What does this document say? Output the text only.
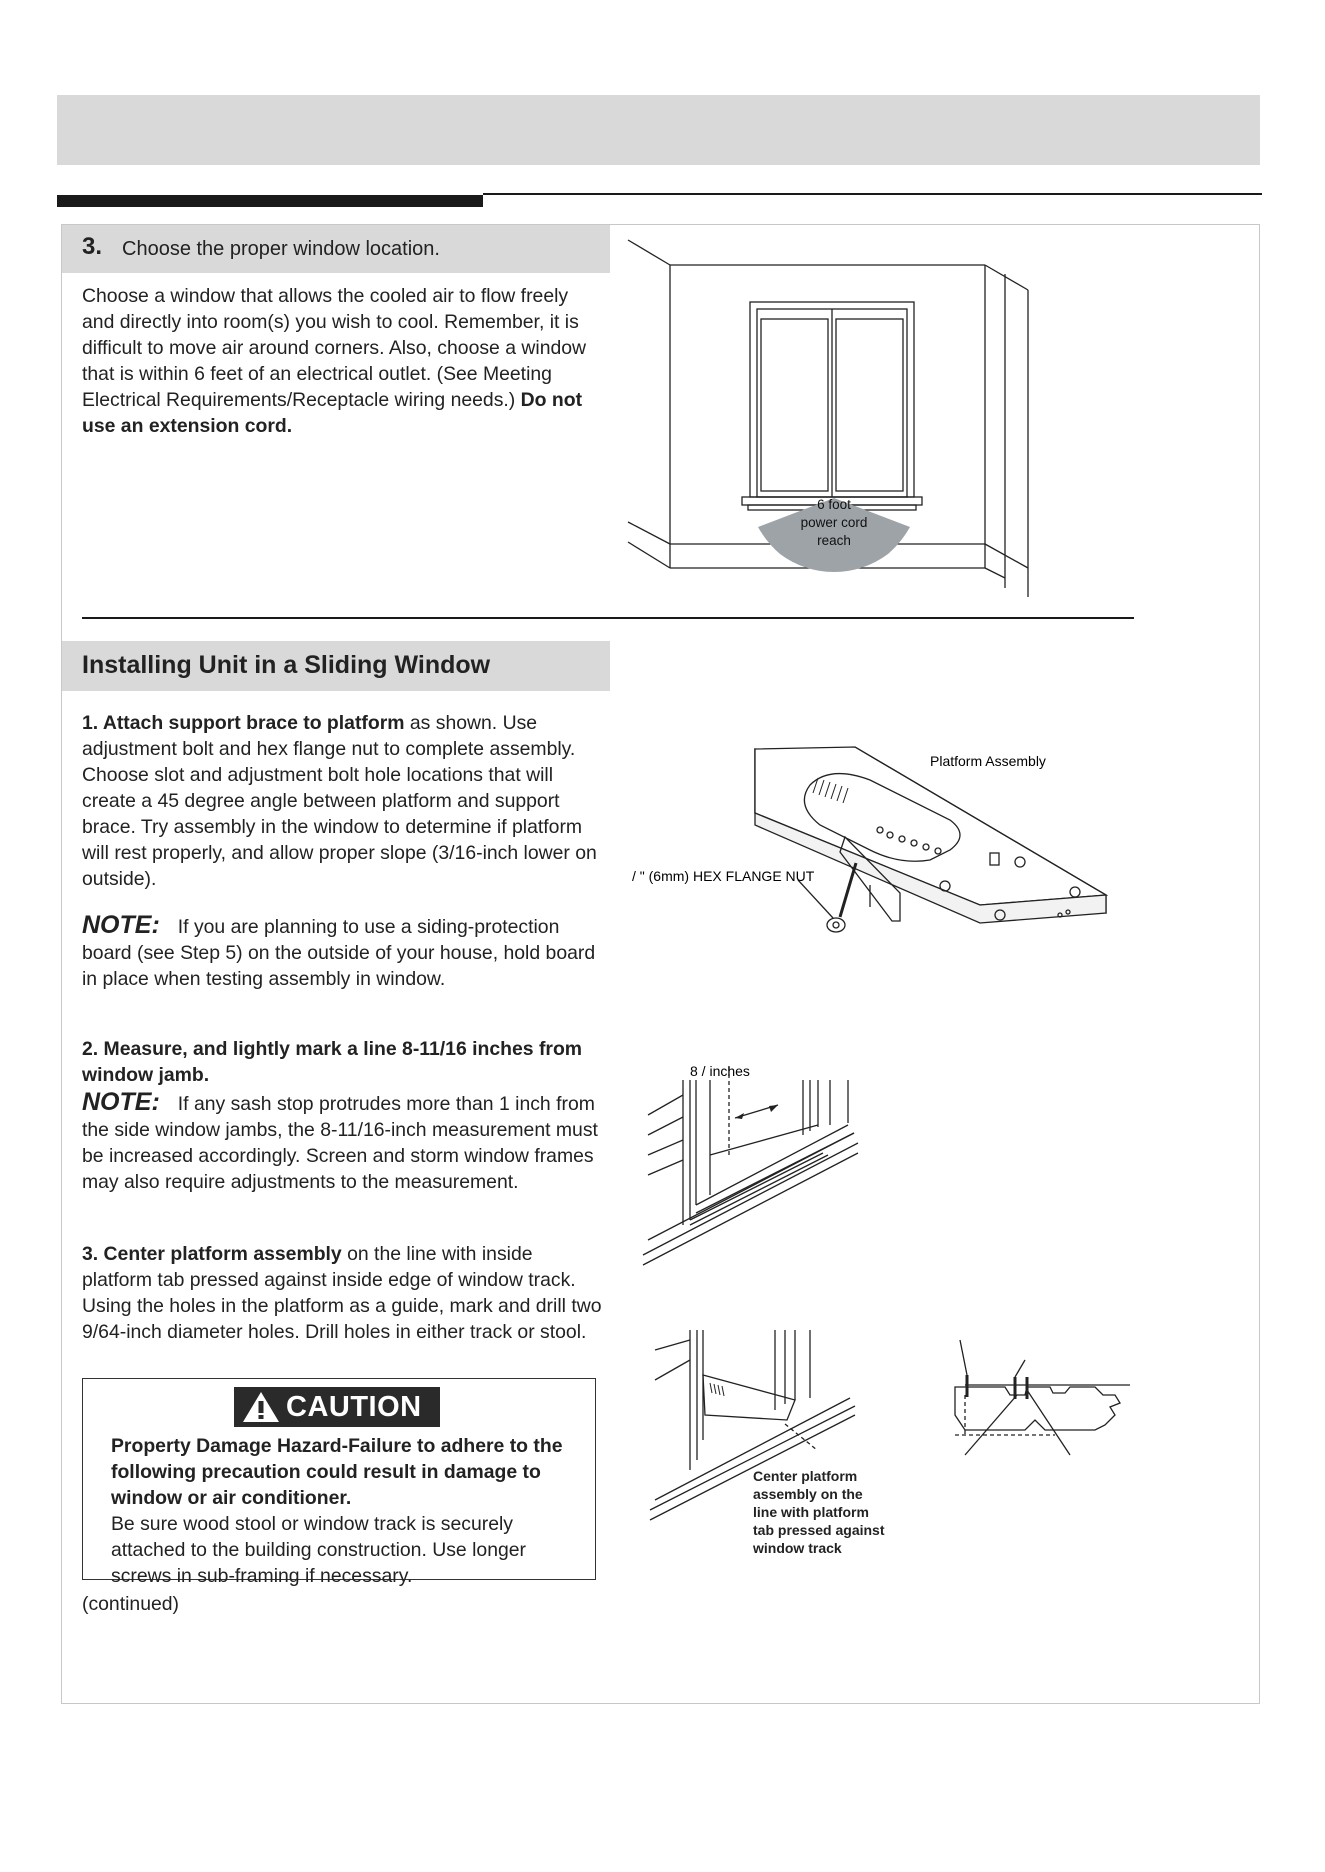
3. Choose the proper window location.
Choose a window that allows the cooled air to flow freely and directly into room(s) you wish to cool. Remember, it is difficult to move air around corners. Also, choose a window that is within 6 feet of an electrical outlet. (See Meeting Electrical Requirements/Receptacle wiring needs.) Do not use an extension cord.
6 foot
power cord
reach
Installing Unit in a Sliding Window
1. Attach support brace to platform as shown. Use adjustment bolt and hex flange nut to complete assembly. Choose slot and adjustment bolt hole locations that will create a 45 degree angle between platform and support brace. Try assembly in the window to determine if platform will rest properly, and allow proper slope (3/16-inch lower on outside).
NOTE: If you are planning to use a siding-protection board (see Step 5) on the outside of your house, hold board in place when testing assembly in window.
2. Measure, and lightly mark a line 8-11/16 inches from window jamb.
NOTE: If any sash stop protrudes more than 1 inch from the side window jambs, the 8-11/16-inch measurement must be increased accordingly. Screen and storm window frames may also require adjustments to the measurement.
3. Center platform assembly on the line with inside platform tab pressed against inside edge of window track. Using the holes in the platform as a guide, mark and drill two 9/64-inch diameter holes. Drill holes in either track or stool.
CAUTION
Property Damage Hazard-Failure to adhere to the following precaution could result in damage to window or air conditioner.
Be sure wood stool or window track is securely attached to the building construction. Use longer screws in sub-framing if necessary.
(continued)
Platform Assembly
/ " (6mm) HEX FLANGE NUT
8 / inches
Center platform
assembly on the
line with platform
tab pressed against
window track
